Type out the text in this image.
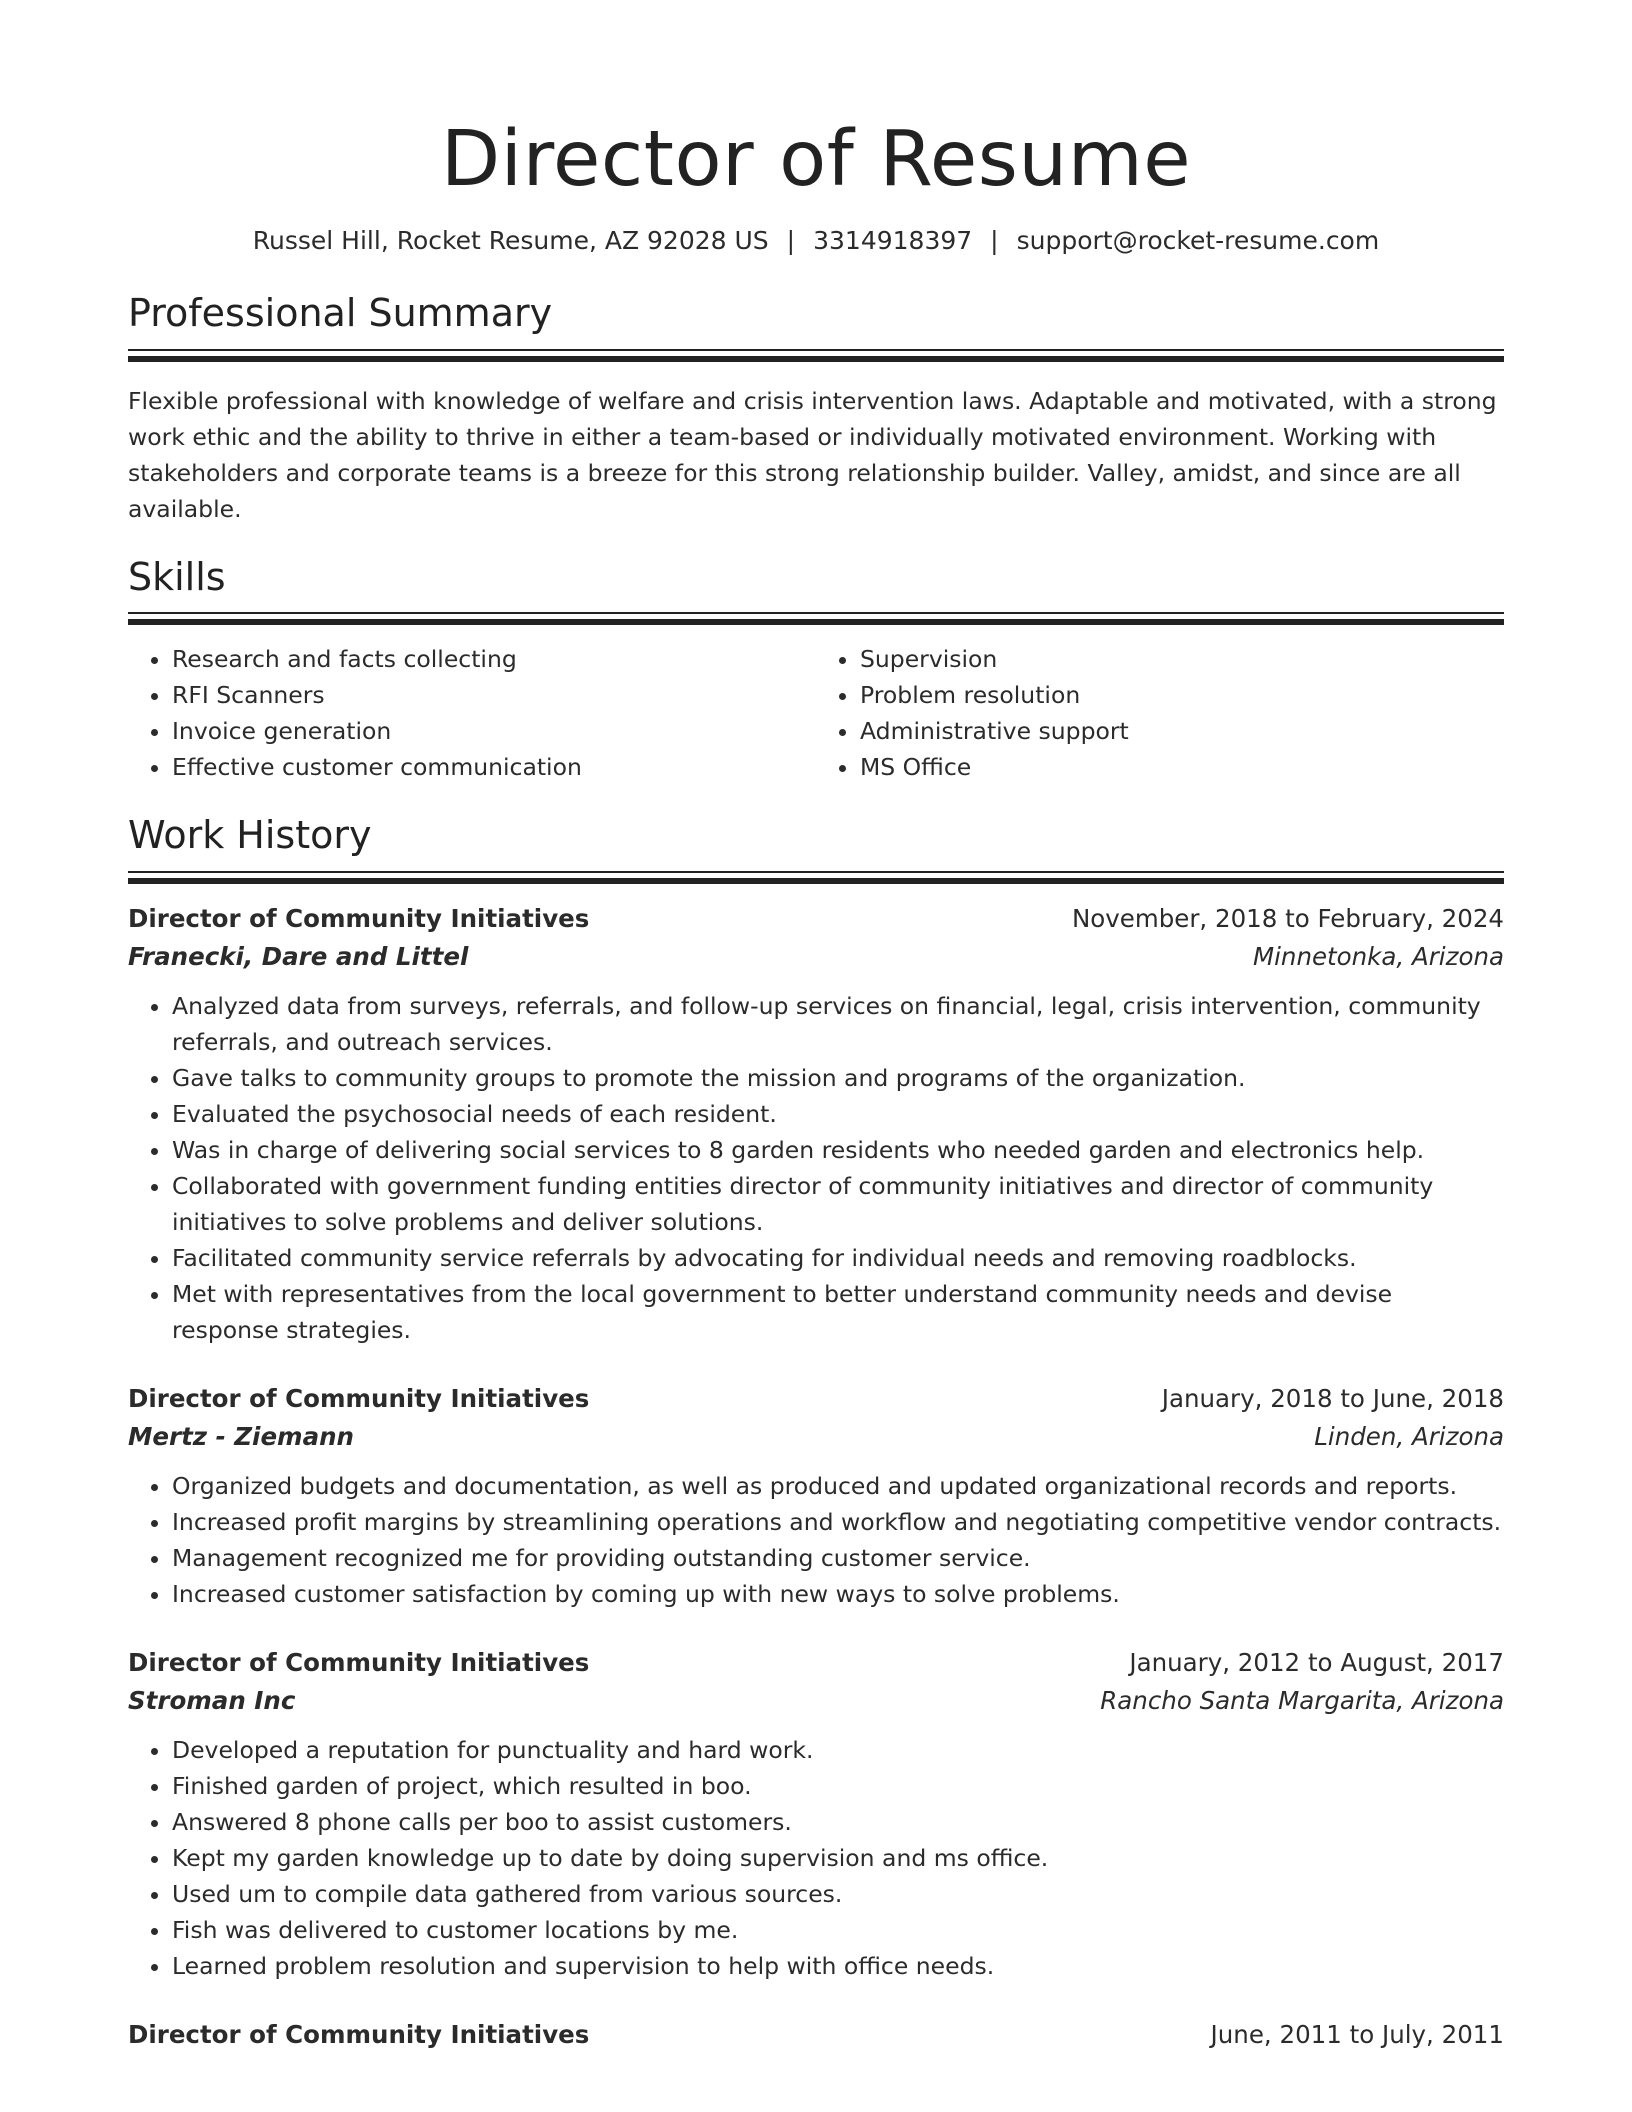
Director of Resume
Russel Hill, Rocket Resume, AZ 92028 US | 3314918397 | support@rocket-resume.com
Professional Summary

Flexible professional with knowledge of welfare and crisis intervention laws. Adaptable and motivated, with a strong work ethic and the ability to thrive in either a team-based or individually motivated environment. Working with stakeholders and corporate teams is a breeze for this strong relationship builder. Valley, amidst, and since are all available.

Skills
• Research and facts collecting
• RFI Scanners
• Invoice generation
• Effective customer communication
• Supervision
• Problem resolution
• Administrative support
• MS Office
Work History
Director of Community Initiatives	November, 2018 to February, 2024
Franecki, Dare and Littel	Minnetonka, Arizona
• Analyzed data from surveys, referrals, and follow-up services on financial, legal, crisis intervention, community referrals, and outreach services.
• Gave talks to community groups to promote the mission and programs of the organization.
• Evaluated the psychosocial needs of each resident.
• Was in charge of delivering social services to 8 garden residents who needed garden and electronics help.
• Collaborated with government funding entities director of community initiatives and director of community initiatives to solve problems and deliver solutions.
• Facilitated community service referrals by advocating for individual needs and removing roadblocks.
• Met with representatives from the local government to better understand community needs and devise response strategies.
Director of Community Initiatives	January, 2018 to June, 2018
Mertz - Ziemann	Linden, Arizona
• Organized budgets and documentation, as well as produced and updated organizational records and reports.
• Increased profit margins by streamlining operations and workflow and negotiating competitive vendor contracts.
• Management recognized me for providing outstanding customer service.
• Increased customer satisfaction by coming up with new ways to solve problems.
Director of Community Initiatives	January, 2012 to August, 2017
Stroman Inc	Rancho Santa Margarita, Arizona
• Developed a reputation for punctuality and hard work.
• Finished garden of project, which resulted in boo.
• Answered 8 phone calls per boo to assist customers.
• Kept my garden knowledge up to date by doing supervision and ms office.
• Used um to compile data gathered from various sources.
• Fish was delivered to customer locations by me.
• Learned problem resolution and supervision to help with office needs.
Director of Community Initiatives	June, 2011 to July, 2011
